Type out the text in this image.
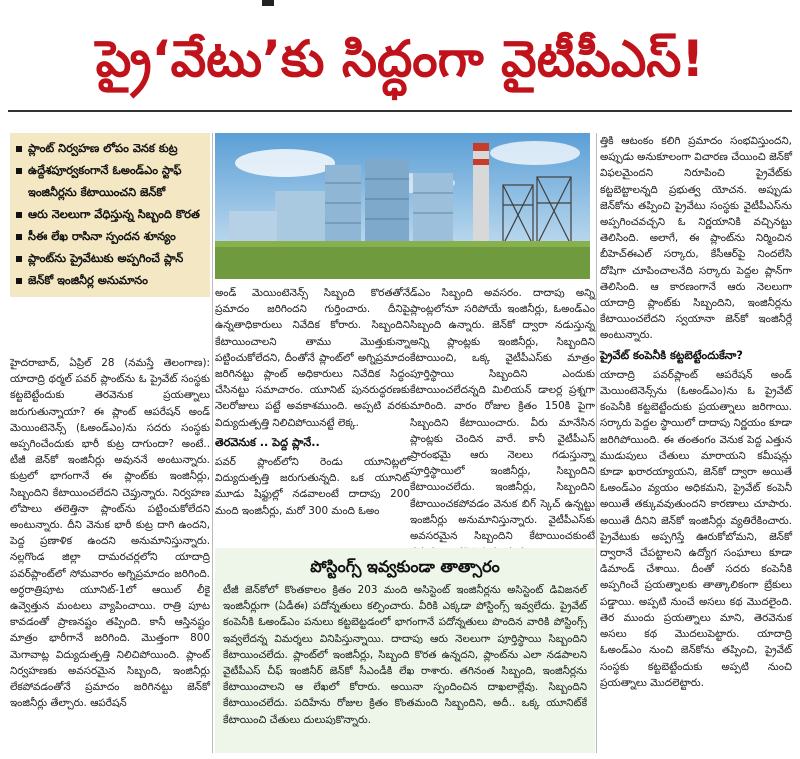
ప్రై‘వేటు’కు సిద్ధంగా వైటీపీఎస్‌!
ప్లాంట్‌ నిర్వహణ లోపం వెనక కుట్ర
ఉద్దేశపూర్వకంగానే ఓఅండ్‌ఎం స్టాఫ్‌ ఇంజినీర్లను కేటాయించని జెన్‌కో
ఆరు నెలలుగా వేధిస్తున్న సిబ్బంది కొరత
సీఈ లేఖ రాసినా స్పందన శూన్యం
ప్లాంట్‌ను ప్రైవేటుకు అప్పగించే ప్లాన్‌
జెన్‌కో ఇంజినీర్ల అనుమానం

హైదరాబాద్‌, ఏప్రిల్‌ 28 (నమస్తే తెలంగాణ): యాదాద్రి థర్మల్‌ పవర్‌ ప్లాంట్‌ను ఓ ప్రైవేట్‌ సంస్థకు కట్టబెట్టేందుకు తెరవెనుక ప్రయత్నాలు జరుగుతున్నాయా? ఈ ప్లాంట్‌ ఆపరేషన్‌ అండ్‌ మెయింటెనెన్స్‌ (ఓఅండ్‌ఎం)ను సదరు సంస్థకు అప్పగించేందుకు భారీ కుట్ర దాగుందా? అంటే.. టీజీ జెన్‌కో ఇంజినీర్లు అవుననే అంటున్నారు. కుట్రలో భాగంగానే ఈ ప్లాంట్‌కు ఇంజినీర్లు, సిబ్బందిని కేటాయించలేదని చెప్తున్నారు. నిర్వహణ లోపాలు తలెత్తినా ప్లాంట్‌ను పట్టించుకోలేదని అంటున్నారు. దీని వెనుక భారీ కుట్ర దాగి ఉందని, పెద్ద ప్రణాళిక ఉందని అనుమానిస్తున్నారు. నల్లగొండ జిల్లా దామరచర్లలోని యాదాద్రి పవర్‌ప్లాంట్‌లో సోమవారం అగ్నిప్రమాదం జరిగింది. అర్ధరాత్రిపూట యూనిట్‌-1లో ఆయిల్‌ లీకై ఉవ్వెత్తున మంటలు వ్యాపించాయి. రాత్రి పూట కావడంతో ప్రాణనష్టం తప్పింది. కానీ ఆస్తినష్టం మాత్రం భారీగానే జరిగింది. మొత్తంగా 800 మెగావాట్ల విద్యుదుత్పత్తి నిలిచిపోయింది. ప్లాంట్‌ నిర్వహణకు అవసరమైన సిబ్బంది, ఇంజినీర్లు లేకపోవడంతోనే ప్రమాదం జరిగినట్టు జెన్‌కో ఇంజినీర్లు తేల్చారు. ఆపరేషన్‌

అండ్‌ మెయింటెనెన్స్‌ సిబ్బంది కొరతతోనే ప్రమాదం జరిగిందని గుర్తించారు. దీనిపై ఉన్నతాధికారులు నివేదిక కోరారు. సిబ్బందిని కేటాయించాలని తాము మొత్తుకున్నా పట్టించుకోలేదని, దీంతోనే ప్లాంట్‌లో అగ్నిప్రమాదం జరిగినట్టు ప్లాంట్‌ అధికారులు నివేదిక సిద్ధం చేసినట్టు సమాచారం. యూనిట్‌ పునరుద్ధరణకు నెలరోజులు పట్టే అవకాశముంది. అప్పటి వరకు విద్యుదుత్పత్తి నిలిచిపోయినట్టే లెక్క.

తెరవెనుక .. పెద్ద ప్లానే..

పవర్‌ ప్లాంట్‌లోని రెండు యూనిట్లలో విద్యుదుత్పత్తి జరుగుతున్నది. ఒక యూనిట్‌ మూడు షిఫ్టుల్లో నడవాలంటే దాదాపు 200 మంది ఇంజినీర్లు, మరో 300 మంది ఓఅం

డ్‌ఎం సిబ్బంది అవసరం. దాదాపు అన్ని ప్లాంట్లలోనూ సరిపోయే ఇంజినీర్లు, ఓఅండ్‌ఎం సిబ్బంది ఉన్నారు. జెన్‌కో ద్వారా నడుస్తున్న అన్ని ప్లాంట్లకు ఇంజినీర్లు, సిబ్బందిని కేటాయించి, ఒక్క వైటీపీఎస్‌కు మాత్రం పూర్తిస్థాయి సిబ్బందిని ఎందుకు కేటాయించలేదన్నది మిలియన్‌ డాలర్ల ప్రశ్నగా మారింది. వారం రోజుల క్రితం 150కి పైగా సిబ్బందిని కేటాయించారు. వీరు మానేసిన ప్లాంట్లకు చెందిన వారే. కానీ వైటీపీఎస్‌ ప్రారంభమై ఆరు నెలలు గడుస్తున్నా పూర్తిస్థాయిలో ఇంజినీర్లు, సిబ్బందిని కేటాయించలేదు. ఇంజినీర్లు, సిబ్బందిని కేటాయించకపోవడం వెనుక బిగ్‌ స్కెచ్‌ ఉన్నట్టు ఇంజినీర్లు అనుమానిస్తున్నారు. వైటీపీఎస్‌కు అవసరమైన సిబ్బందిని కేటాయించకుంటే

త్తికి ఆటంకం కలిగి ప్రమాదం సంభవిస్తుందని, అప్పుడు అనుకూలంగా విచారణ చేయించి జెన్‌కో విఫలమైందని నిరూపించి ప్రైవేట్‌కు కట్టబెట్టాలన్నది ప్రభుత్వ యోచన. అప్పుడు జెన్‌కోను తప్పించి ప్రైవేటు సంస్థకు వైటీపీఎస్‌ను అప్పగించవచ్చని ఓ నిర్ణయానికి వచ్చినట్టు తెలిసింది. అలాగే, ఈ ప్లాంట్‌ను నిర్మించిన బీహెచ్‌ఈఎల్‌ సర్కారు, కేసీఆర్‌పై నిందలేసి దోషిగా చూపించాలనేది సర్కారు పెద్దల ప్లాన్‌గా తెలిసింది. ఆ కారణంగానే ఆరు నెలలుగా యాదాద్రి ప్లాంట్‌కు సిబ్బందిని, ఇంజినీర్లను కేటాయించలేదని స్వయానా జెన్‌కో ఇంజినీర్లే అంటున్నారు.

ప్రైవేట్‌ కంపెనీకి కట్టబెట్టేందుకేనా?

యాదాద్రి పవర్‌ప్లాంట్‌ ఆపరేషన్‌ అండ్‌ మెయింటెనెన్స్‌ను (ఓఅండ్‌ఎం)ను ఓ ప్రైవేట్‌ కంపెనీకి కట్టబెట్టేందుకు ప్రయత్నాలు జరిగాయి. సర్కారు పెద్దల స్థాయిలో దాదాపు నిర్ణయం కూడా జరిగిపోయింది. ఈ తంతంగం వెనుక పెద్ద ఎత్తున ముడుపులు చేతులు మారాయని కమీషన్లు కూడా ఖరారయ్యాయని, జెన్‌కో ద్వారా అయితే ఓఅండ్‌ఎం వ్యయం అధికమని, ప్రైవేట్‌ కంపెనీ అయితే తక్కువవుతుందని కారణాలు చూపారు. అయితే దీనిని జెన్‌కో ఇంజినీర్లు వ్యతిరేకించారు. ప్రైవేటుకు అప్పగిస్తే ఊరుకోబోమని, జెన్‌కో ద్వారానే చేపట్టాలని ఉద్యోగ సంఘాలు కూడా డిమాండ్‌ చేశాయి. దీంతో సదరు కంపెనీకి అప్పగించే ప్రయత్నాలకు తాత్కాలికంగా బ్రేకులు పడ్డాయి. అప్పటి నుంచే అసలు కథ మొదలైంది. తెర ముందు ప్రయత్నాలు మాని, తెరవెనుక అసలు కథ మొదలుపెట్టారు. యాదాద్రి ఓఅండ్‌ఎం నుంచి జెన్‌కోను తప్పించి, ప్రైవేట్‌ సంస్థకు కట్టబెట్టేందుకు అప్పటి నుంచి ప్రయత్నాలు మొదలెట్టారు.

పోస్టింగ్స్‌ ఇవ్వకుండా తాత్సారం
టీజీ జెన్‌కోలో కొంతకాలం క్రితం 203 మంది అసిస్టెంట్‌ ఇంజినీర్లను అసిస్టెంట్‌ డివిజనల్‌ ఇంజినీర్లుగా (ఏడీఈ) పదోన్నతులు కల్పించారు. వీరికి ఎక్కడా పోస్టింగ్స్‌ ఇవ్వలేదు. ప్రైవేట్‌ కంపెనీకి ఓఅండ్‌ఎం పనులు కట్టబెట్టడంలో భాగంగానే పదోన్నతులు పొందిన వారికి పోస్టింగ్స్‌ ఇవ్వలేదన్న విమర్శలు వినిపిస్తున్నాయి. దాదాపు ఆరు నెలలుగా పూర్తిస్థాయి సిబ్బందిని కేటాయించలేదు. ప్లాంట్‌లో ఇంజినీర్లు, సిబ్బంది కొరత ఉన్నదని, ప్లాంట్‌ను ఎలా నడపాలని వైటీపీఎస్‌ చీఫ్‌ ఇంజినీర్‌ జెన్‌కో సీఎండీకి లేఖ రాశారు. తగినంత సిబ్బంది, ఇంజినీర్లను కేటాయించాలని ఆ లేఖలో కోరారు. అయినా స్పందించిన దాఖలాల్లేవు. సిబ్బందిని కేటాయించలేదు. పదిహేను రోజుల క్రితం కొంతమంది సిబ్బందిని, అదీ.. ఒక్క యూనిట్‌కే కేటాయించి చేతులు దులుపుకొన్నారు.
